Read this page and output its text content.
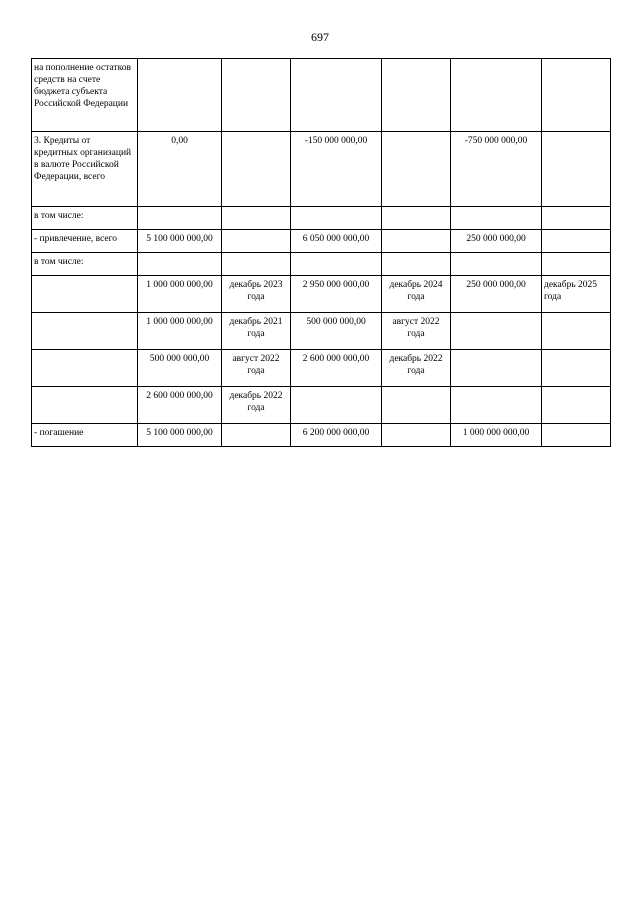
697
на пополнение остатков средств на счете бюджета субъекта Российской Федерации						
3. Кредиты от кредитных организаций в валюте Российской Федерации, всего	0,00		-150 000 000,00		-750 000 000,00	
в том числе:						
- привлечение, всего	5 100 000 000,00		6 050 000 000,00		250 000 000,00	
в том числе:						
	1 000 000 000,00	декабрь 2023 года	2 950 000 000,00	декабрь 2024 года	250 000 000,00	декабрь 2025 года
	1 000 000 000,00	декабрь 2021 года	500 000 000,00	август 2022 года		
	500 000 000,00	август 2022 года	2 600 000 000,00	декабрь 2022 года		
	2 600 000 000,00	декабрь 2022 года				
- погашение	5 100 000 000,00		6 200 000 000,00		1 000 000 000,00	
